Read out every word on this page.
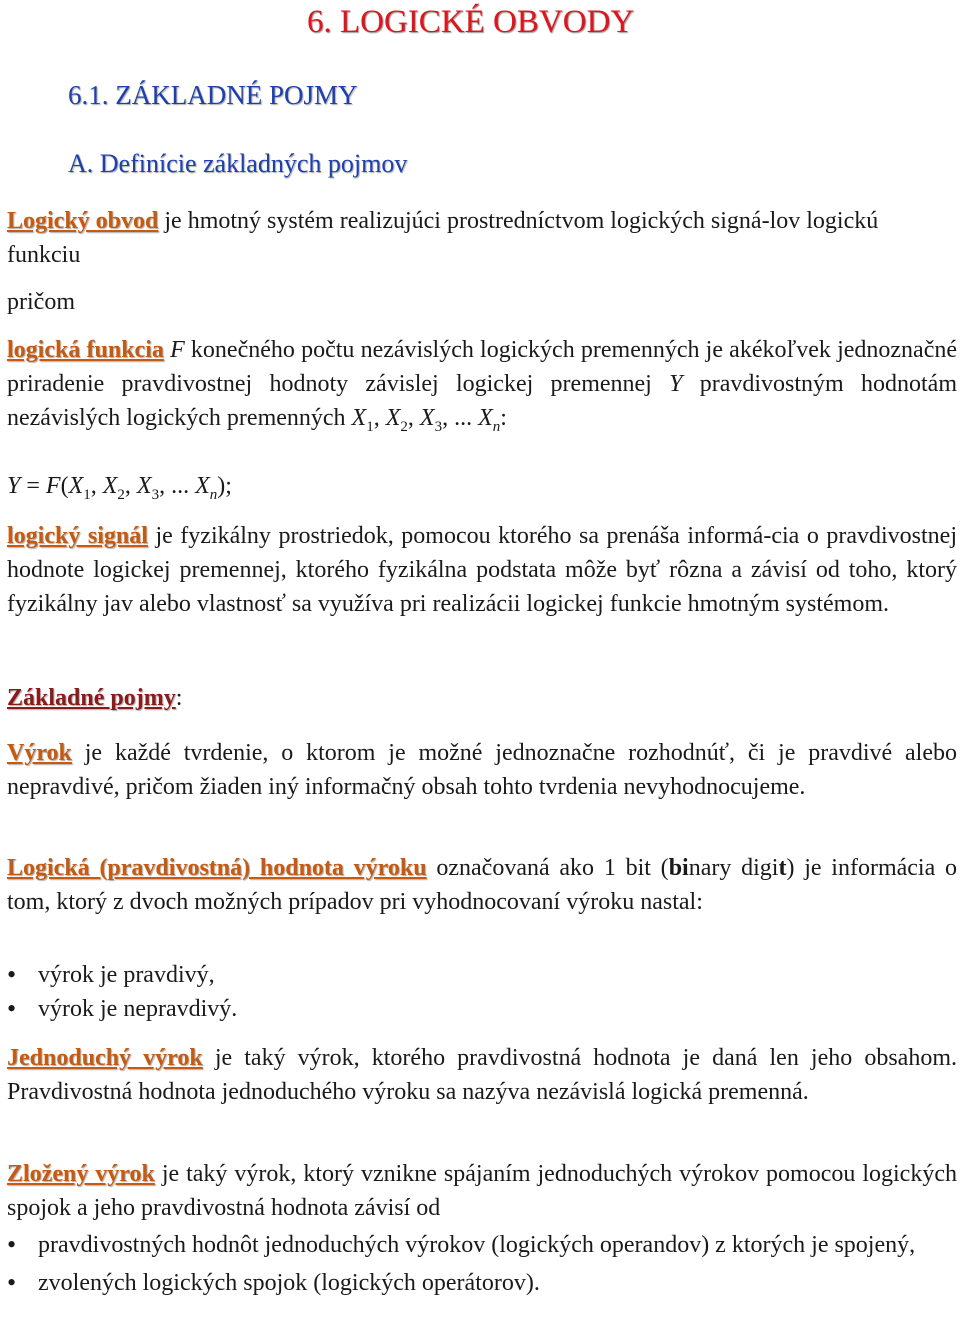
6. LOGICKÉ OBVODY
6.1. ZÁKLADNÉ POJMY
A. Definície základných pojmov
Logický obvod je hmotný systém realizujúci prostredníctvom logických signá-lov logickú funkciu
pričom
logická funkcia F konečného počtu nezávislých logických premenných je akékoľvek jednoznačné priradenie pravdivostnej hodnoty závislej logickej premennej Y pravdivostným hodnotám nezávislých logických premenných $X_1$, $X_2$, $X_3$, ... $X_n$:
$Y = F(X_1$, $X_2$, $X_3$, ... $X_n$);
logický signál je fyzikálny prostriedok, pomocou ktorého sa prenáša informá-cia o pravdivostnej hodnote logickej premennej, ktorého fyzikálna podstata môže byť rôzna a závisí od toho, ktorý fyzikálny jav alebo vlastnosť sa využíva pri realizácii logickej funkcie hmotným systémom.
Základné pojmy:
Výrok je každé tvrdenie, o ktorom je možné jednoznačne rozhodnúť, či je pravdivé alebo nepravdivé, pričom žiaden iný informačný obsah tohto tvrdenia nevyhodnocujeme.
Logická (pravdivostná) hodnota výroku označovaná ako 1 bit (binary digit) je informácia o tom, ktorý z dvoch možných prípadov pri vyhodnocovaní výroku nastal:
• výrok je pravdivý,
• výrok je nepravdivý.
Jednoduchý výrok je taký výrok, ktorého pravdivostná hodnota je daná len jeho obsahom. Pravdivostná hodnota jednoduchého výroku sa nazýva nezávislá logická premenná.
Zložený výrok je taký výrok, ktorý vznikne spájaním jednoduchých výrokov pomocou logických spojok a jeho pravdivostná hodnota závisí od
• pravdivostných hodnôt jednoduchých výrokov (logických operandov) z ktorých je spojený,
• zvolených logických spojok (logických operátorov).
